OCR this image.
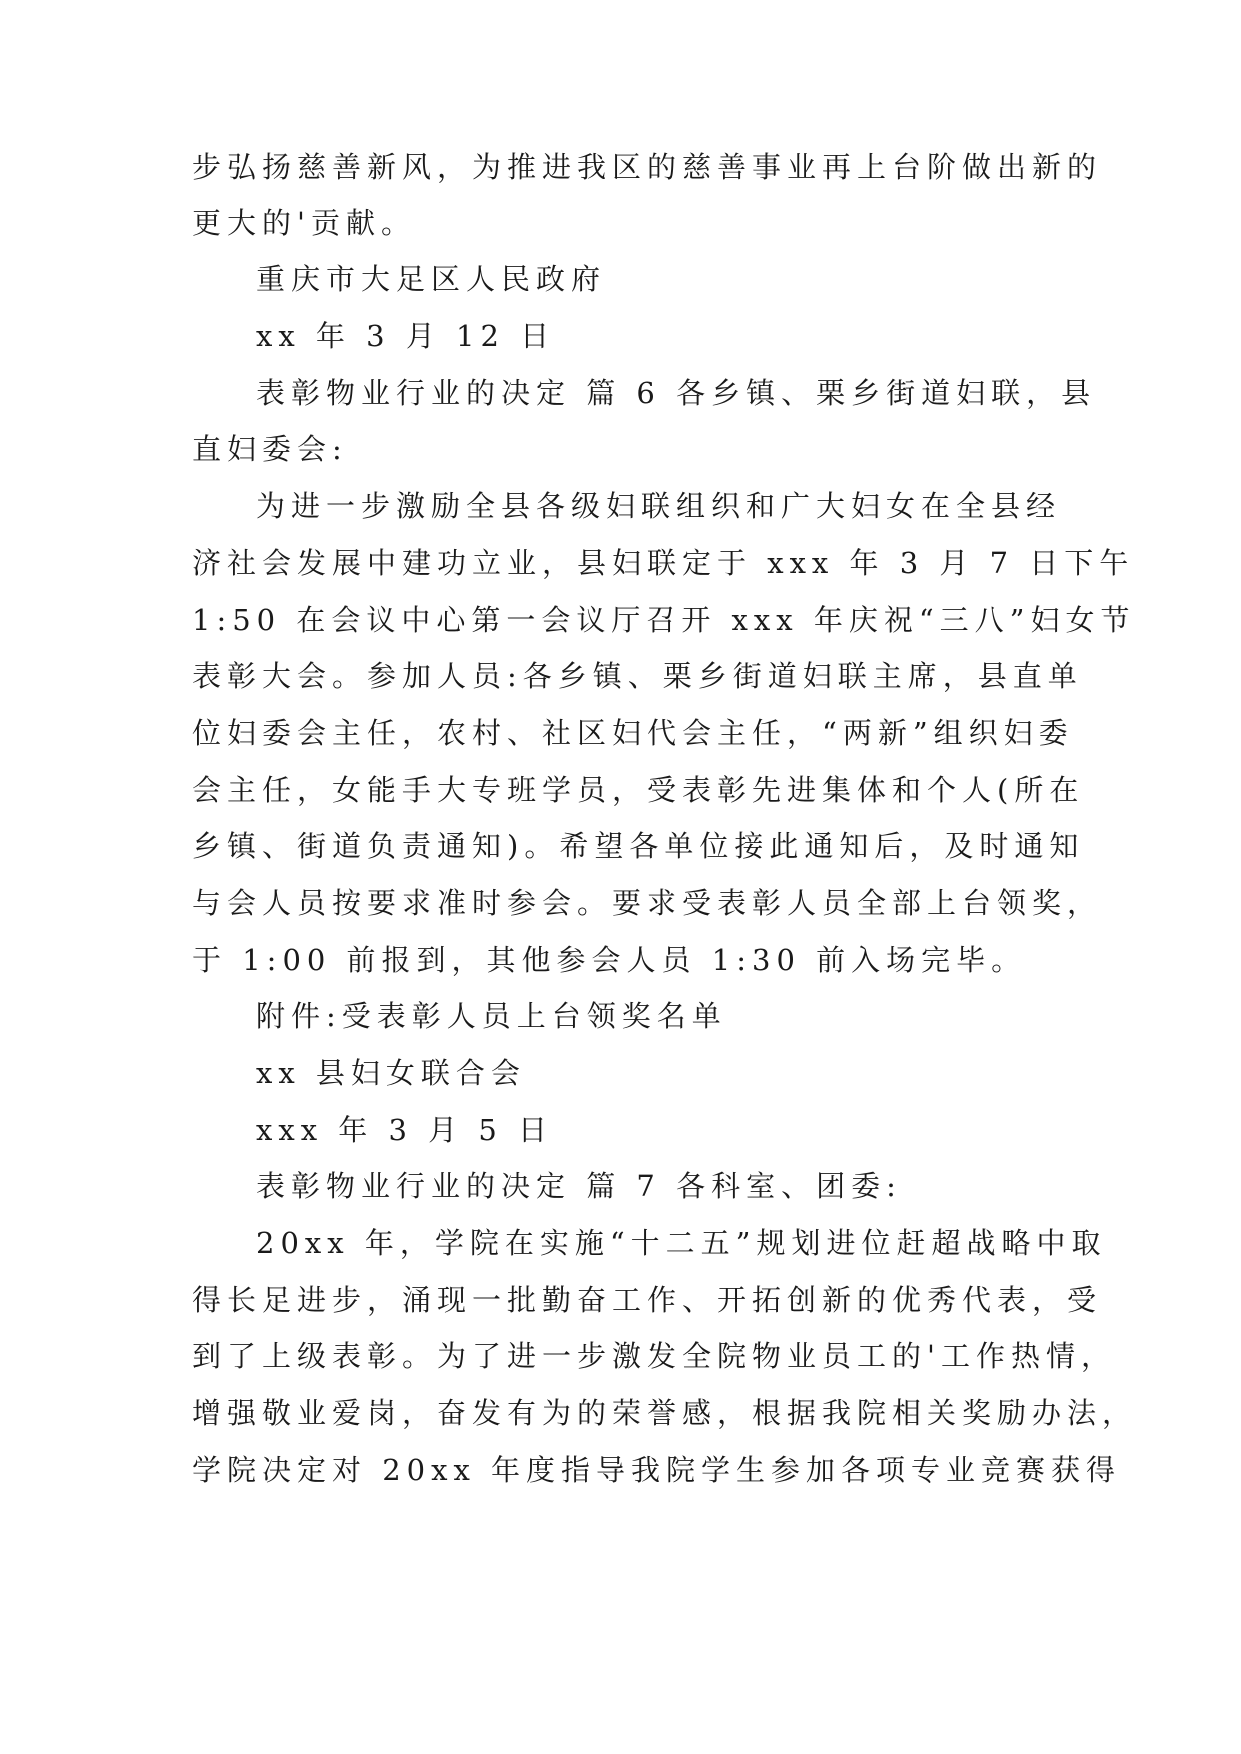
步弘扬慈善新风，为推进我区的慈善事业再上台阶做出新的

更大的'贡献。

重庆市大足区人民政府

xx 年 3 月 12 日

表彰物业行业的决定 篇 6 各乡镇、栗乡街道妇联，县

直妇委会:

为进一步激励全县各级妇联组织和广大妇女在全县经

济社会发展中建功立业，县妇联定于 xxx 年 3 月 7 日下午

1:50 在会议中心第一会议厅召开 xxx 年庆祝“三八”妇女节

表彰大会。参加人员:各乡镇、栗乡街道妇联主席，县直单

位妇委会主任，农村、社区妇代会主任，“两新”组织妇委

会主任，女能手大专班学员，受表彰先进集体和个人(所在

乡镇、街道负责通知)。希望各单位接此通知后，及时通知

与会人员按要求准时参会。要求受表彰人员全部上台领奖，

于 1:00 前报到，其他参会人员 1:30 前入场完毕。

附件:受表彰人员上台领奖名单

xx 县妇女联合会

xxx 年 3 月 5 日

表彰物业行业的决定 篇 7 各科室、团委:

20xx 年，学院在实施“十二五”规划进位赶超战略中取

得长足进步，涌现一批勤奋工作、开拓创新的优秀代表，受

到了上级表彰。为了进一步激发全院物业员工的'工作热情，

增强敬业爱岗，奋发有为的荣誉感，根据我院相关奖励办法，

学院决定对 20xx 年度指导我院学生参加各项专业竞赛获得
